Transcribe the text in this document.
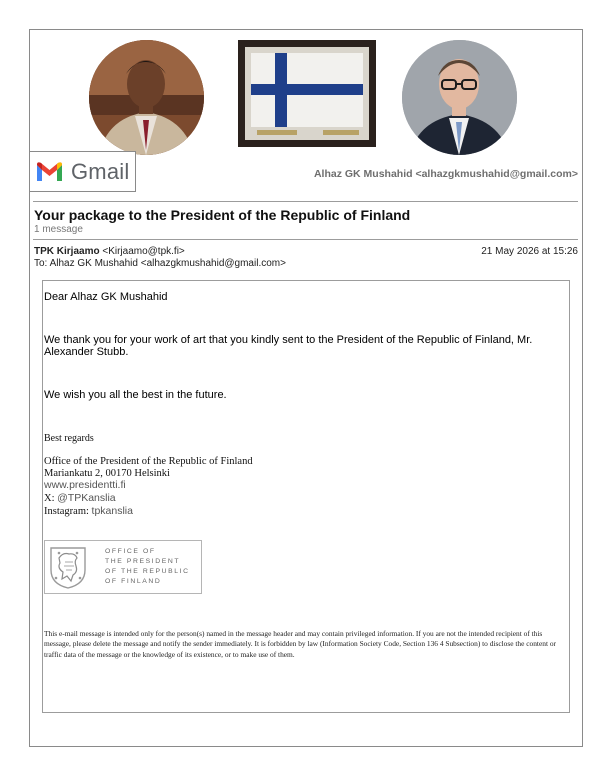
Gmail	Alhaz GK Mushahid <alhazgkmushahid@gmail.com>
Your package to the President of the Republic of Finland
1 message
TPK Kirjaamo <Kirjaamo@tpk.fi>	21 May 2026 at 15:26
To: Alhaz GK Mushahid <alhazgkmushahid@gmail.com>
Dear Alhaz GK Mushahid
We thank you for your work of art that you kindly sent to the President of the Republic of Finland, Mr. Alexander Stubb.
We wish you all the best in the future.
Best regards
Office of the President of the Republic of Finland
Mariankatu 2, 00170 Helsinki
www.presidentti.fi
X: @TPKanslia
Instagram: tpkanslia
OFFICE OF
THE PRESIDENT
OF THE REPUBLIC
OF FINLAND
This e-mail message is intended only for the person(s) named in the message header and may contain privileged information. If you are not the intended recipient of this message, please delete the message and notify the sender immediately. It is forbidden by law (Information Society Code, Section 136 4 Subsection) to disclose the content or traffic data of the message or the knowledge of its existence, or to make use of them.
